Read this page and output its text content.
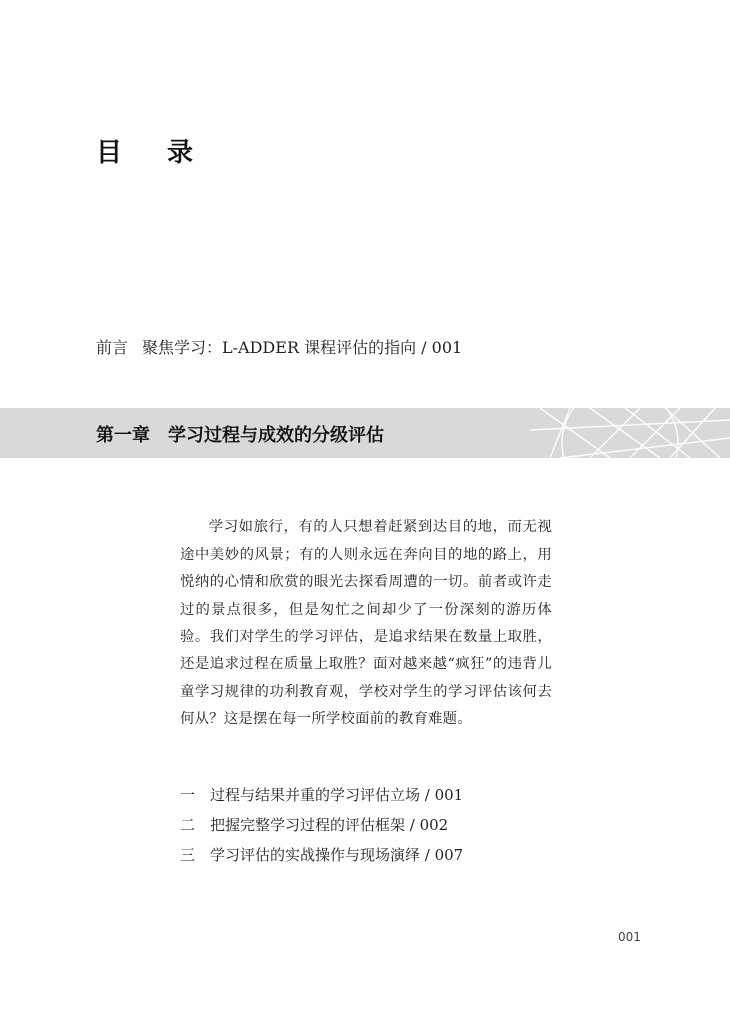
目 录
前言 聚焦学习：L-ADDER 课程评估的指向 / 001
第一章 学习过程与成效的分级评估

学习如旅行，有的人只想着赶紧到达目的地，而无视途中美妙的风景；有的人则永远在奔向目的地的路上，用悦纳的心情和欣赏的眼光去探看周遭的一切。前者或许走过的景点很多，但是匆忙之间却少了一份深刻的游历体验。我们对学生的学习评估，是追求结果在数量上取胜，还是追求过程在质量上取胜？面对越来越“疯狂”的违背儿童学习规律的功利教育观，学校对学生的学习评估该何去何从？这是摆在每一所学校面前的教育难题。

一 过程与结果并重的学习评估立场 / 001
二 把握完整学习过程的评估框架 / 002
三 学习评估的实战操作与现场演绎 / 007
001
